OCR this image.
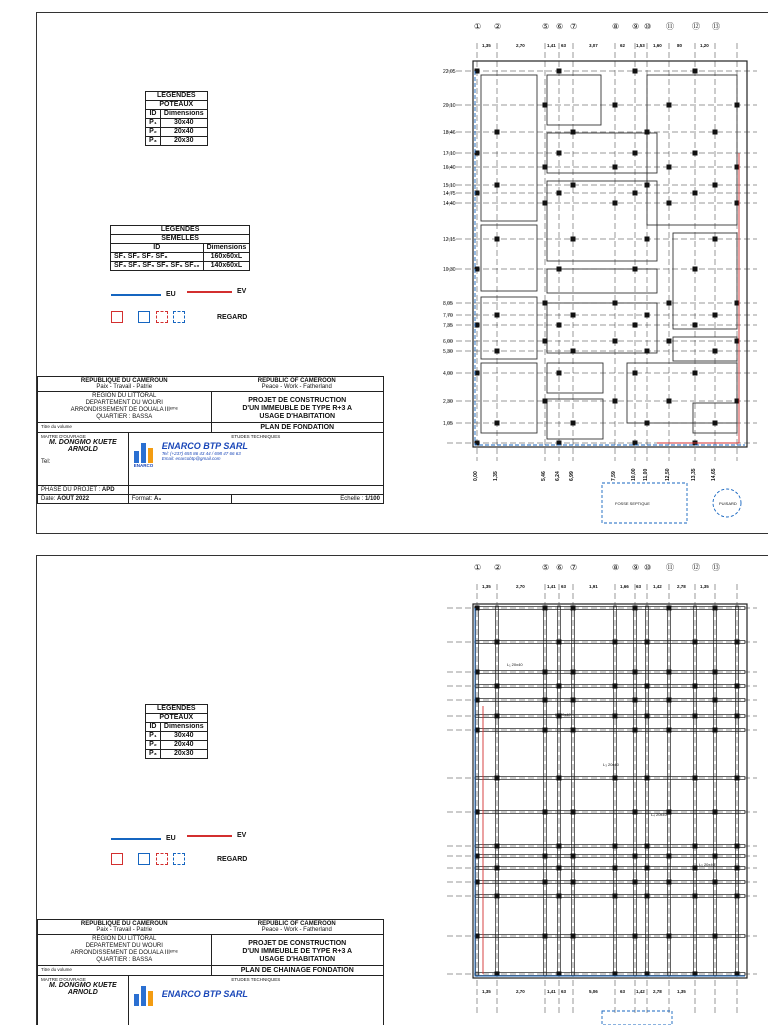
LEGENDES	
POTEAUX	
ID	Dimensions
P₁	30x40
P₂	20x40
P₃	20x30
LEGENDES	
SEMELLES	
ID	Dimensions
SF₁ SF₂ SF₇ SF₈	160x60xL
SF₃ SF₄ SF₅ SF₆ SF₉ SF₁₀	140x60xL
EU	EV
REGARD
REPUBLIQUE DU CAMEROUN
Paix - Travail - Patrie
REPUBLIC OF CAMEROON
Peace - Work - Fatherland
REGION DU LITTORAL
DEPARTEMENT DU WOURI
ARRONDISSEMENT DE DOUALA IIIᵉᵐᵉ
QUARTIER : BASSA
PROJET DE CONSTRUCTION
D'UN IMMEUBLE DE TYPE R+3 A
USAGE D'HABITATION
Titre du volume	PLAN DE FONDATION
MAITRE D'OUVRAGE
M. DONGMO KUETE
ARNOLD
Tel:
ETUDES TECHNIQUES
ENARCO BTP SARL
Tel: (+237) 655 86 43 44 / 698 47 66 63
Email: enarcobtp@gmail.com
ENARCO
PHASE DU PROJET : APD
Date: AOUT 2022	Format: A₃	Echelle : 1/100
① ②	⑤ ⑥ ⑦	⑧ ⑨ ⑩ ⑪ ⑫ ⑬
1,35	2,70	1,41 63	3,07	62 1,53 1,60	80	1,20
22,05
20,10
18,46
17,10
16,40
15,10
14,75
14,40
12,15
10,30
8,05
7,70
7,35
6,00
5,30
4,00
2,30
1,05
0,00	1,35	5,46 6,24 6,99	7,59	10,00 11,00	12,50	13,35	14,65
FOSSE SEPTIQUE	PUISARD
LEGENDES	
POTEAUX	
ID	Dimensions
P₁	30x40
P₂	20x40
P₃	20x30
EU	EV
REGARD
REPUBLIQUE DU CAMEROUN
Paix - Travail - Patrie
REPUBLIC OF CAMEROON
Peace - Work - Fatherland
REGION DU LITTORAL
DEPARTEMENT DU WOURI
ARRONDISSEMENT DE DOUALA IIIᵉᵐᵉ
QUARTIER : BASSA
PROJET DE CONSTRUCTION
D'UN IMMEUBLE DE TYPE R+3 A
USAGE D'HABITATION
Titre du volume	PLAN DE CHAINAGE FONDATION
MAITRE D'OUVRAGE
M. DONGMO KUETE
ARNOLD
ETUDES TECHNIQUES
ENARCO BTP SARL
① ②	⑤ ⑥ ⑦	⑧ ⑨ ⑩ ⑪ ⑫ ⑬
1,35	2,70	1,41 63	1,91	1,66 63	1,42	2,78	1,35
1,35	2,70	1,41 63	5,06	63 1,42 2,78	1,35
L₁ 20x40
L₂ 20x40
L₃ 20x40
L₄ 20x40
L₅ 20x40
